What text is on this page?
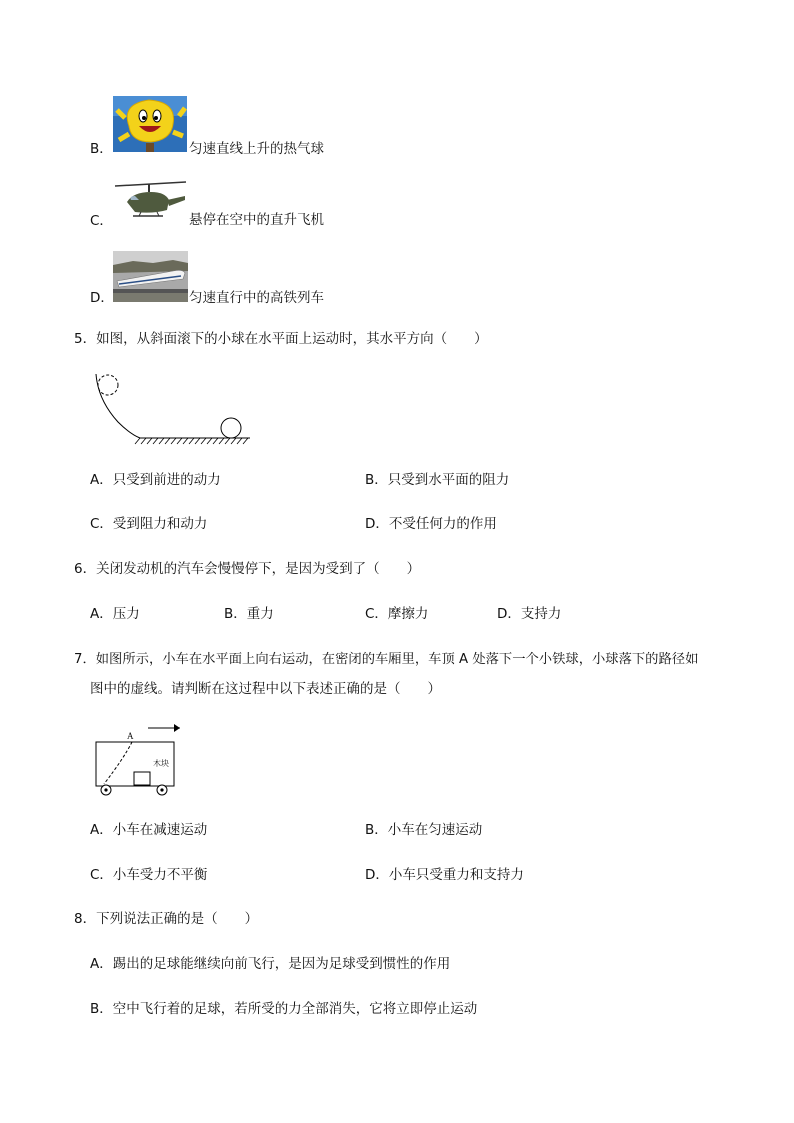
B．	匀速直线上升的热气球
C．	悬停在空中的直升飞机
D．	匀速直行中的高铁列车
5．如图，从斜面滚下的小球在水平面上运动时，其水平方向（　　）
A．只受到前进的动力	B．只受到水平面的阻力
C．受到阻力和动力	D．不受任何力的作用
6．关闭发动机的汽车会慢慢停下，是因为受到了（　　）
A．压力	B．重力	C．摩擦力	D．支持力
7．如图所示，小车在水平面上向右运动，在密闭的车厢里，车顶 A 处落下一个小铁球，小球落下的路径如
图中的虚线。请判断在这过程中以下表述正确的是（　　）
A
木块
A．小车在减速运动	B．小车在匀速运动
C．小车受力不平衡	D．小车只受重力和支持力
8．下列说法正确的是（　　）
A．踢出的足球能继续向前飞行，是因为足球受到惯性的作用
B．空中飞行着的足球，若所受的力全部消失，它将立即停止运动
